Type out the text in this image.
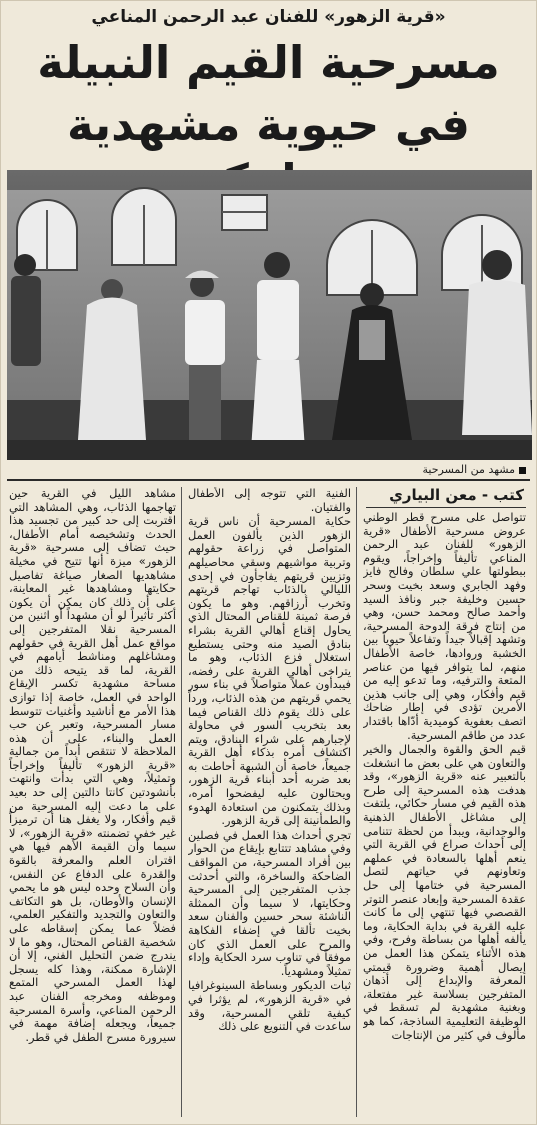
«قرية الزهور» للفنان عبد الرحمن المناعي
مسرحية القيم النبيلة
في حيوية مشهدية
مشهد من المسرحية
كتب - معن البياري

تتواصل على مسرح قطر الوطني عروض مسرحية الأطفال «قرية الزهور» للفنان عبد الرحمن المناعي تأليفاً وإخراجاً، ويقوم ببطولتها علي سلطان وفالح فايز وفهد الجابري وسعد بخيت وسحر حسين وخليفة جبر ونافذ السيد وأحمد صالح ومحمد حسن، وهي من إنتاج فرقة الدوحة المسرحية، وتشهد إقبالاً جيداً وتفاعلاً حيوياً بين الخشبة وروادها، خاصة الأطفال منهم، لما يتوافر فيها من عناصر المتعة والترفيه، وما تدعو إليه من قيم وأفكار، وهي إلى جانب هذين الأمرين تؤدى في إطار ضاحك اتصف بعفوية كوميدية أدّاها باقتدار عدد من طاقم المسرحية.

قيم الحق والقوة والجمال والخير والتعاون هي على بعض ما انشغلت بالتعبير عنه «قرية الزهور»، وقد هدفت هذه المسرحية إلى طرح هذه القيم في مسار حكائي، يلتفت إلى مشاغل الأطفال الذهنية والوجدانية، ويبدأ من لحظة تتنامى إلى أحداث صراع في القرية التي ينعم أهلها بالسعادة في عملهم وتعاونهم في حياتهم لتصل المسرحية في ختامها إلى حل عقدة المسرحية وإبعاد عنصر التوتر القصصي فيها تنتهي إلى ما كانت عليه القرية في بداية الحكاية، وما يألفه أهلها من بساطة وفرح، وفي هذه الأثناء يتمكن هذا العمل من إيصال أهمية وضرورة قيمتي المعرفة والإبداع إلى أذهان المتفرجين بسلاسة غير مفتعلة، وبغنية مشهدية لم تسقط في الوظيفة التعليمية الساذجة، كما هو مألوف في كثير من الإنتاجات

الفنية التي تتوجه إلى الأطفال والفتيان.

حكاية المسرحية أن ناس قرية الزهور الذين يألفون العمل المتواصل في زراعة حقولهم وتربية مواشيهم وسقي محاصيلهم وتزيين قريتهم يفاجأون في إحدى الليالي بالذئاب تهاجم قريتهم وتخرب أرزاقهم. وهو ما يكون فرصة ثمينة للقناص المحتال الذي يحاول إقناع أهالي القرية بشراء بنادق الصيد منه وحتى يستطيع استغلال فزع الذئاب، وهو ما يتراخى أهالي القرية على رفضه، فيبدأون عملاً متواصلاً في بناء سور يحمي قريتهم من هذه الذئاب، ورداً على ذلك يقوم ذلك القناص فيما بعد بتخريب السور في محاولة لإجبارهم على شراء البنادق، ويتم اكتشاف أمره بذكاء أهل القرية جميعاً، خاصة أن الشبهة أحاطت به بعد ضربه أحد أبناء قرية الزهور، ويحتالون عليه ليفضحوا أمره، وبذلك يتمكنون من استعادة الهدوء والطمأنينة إلى قرية الزهور.

تجري أحداث هذا العمل في فصلين وفي مشاهد تتتابع بإيقاع من الحوار بين أفراد المسرحية، من المواقف الضاحكة والساخرة، والتي أحدثت جذب المتفرجين إلى المسرحية وحكايتها، لا سيما وأن الممثلة الناشئة سحر حسين والفنان سعد بخيت تألقا في إضفاء الفكاهة والمرح على العمل الذي كان موفقاً في تناوب سرد الحكاية وإداء تمثيلاً ومشهدياً.

ثبات الديكور وبساطة السينوغرافيا في «قرية الزهور»، لم يؤثرا في كيفية تلقي المسرحية، وقد ساعدت في التنويع على ذلك

مشاهد الليل في القرية حين تهاجمها الذئاب، وهي المشاهد التي اقتربت إلى حد كبير من تجسيد هذا الحدث وتشخيصه أمام الأطفال، حيث تضاف إلى مسرحية «قرية الزهور» ميزة أنها تتيح في مخيلة مشاهديها الصغار صياغة تفاصيل حكايتها ومشاهدها غير المعاينة، على أن ذلك كان يمكن أن يكون أكثر تأثيراً لو أن مشهداً أو اثنين من المسرحية نقلا المتفرجين إلى مواقع عمل أهل القرية في حقولهم ومشاغلهم ومناشط أيامهم في القرية، لما قد يتيحه ذلك من مساحة مشهدية تكسر الإيقاع الواحد في العمل، خاصة إذا توازى هذا الأمر مع أناشيد وأغنيات تتوسط مسار المسرحية، وتعبر عن حب العمل والبناء، على أن هذه الملاحظة لا تنتقص أبداً من جمالية «قرية الزهور» تأليفاً وإخراجاً وتمثيلاً، وهي التي بدأت وانتهت بأنشودتين كانتا دالتين إلى حد بعيد على ما دعت إليه المسرحية من قيم وأفكار، ولا يغفل هنا أن ترميزاً غير خفي تضمنته «قرية الزهور»، لا سيما وأن القيمة الأهم فيها هي اقتران العلم والمعرفة بالقوة والقدرة على الدفاع عن النفس، وأن السلاح وحده ليس هو ما يحمي الإنسان والأوطان، بل هو التكاتف والتعاون والتجديد والتفكير العلمي، فضلاً عما يمكن إسقاطه على شخصية القناص المحتال، وهو ما لا يندرج ضمن التحليل الفني، إلا أن الإشارة ممكنة، وهذا كله يسجل لهذا العمل المسرحي المتمع وموظفه ومخرجه الفنان عبد الرحمن المناعي، وأسرة المسرحية جميعاً، ويجعله إضافة مهمة في سيرورة مسرح الطفل في قطر.
